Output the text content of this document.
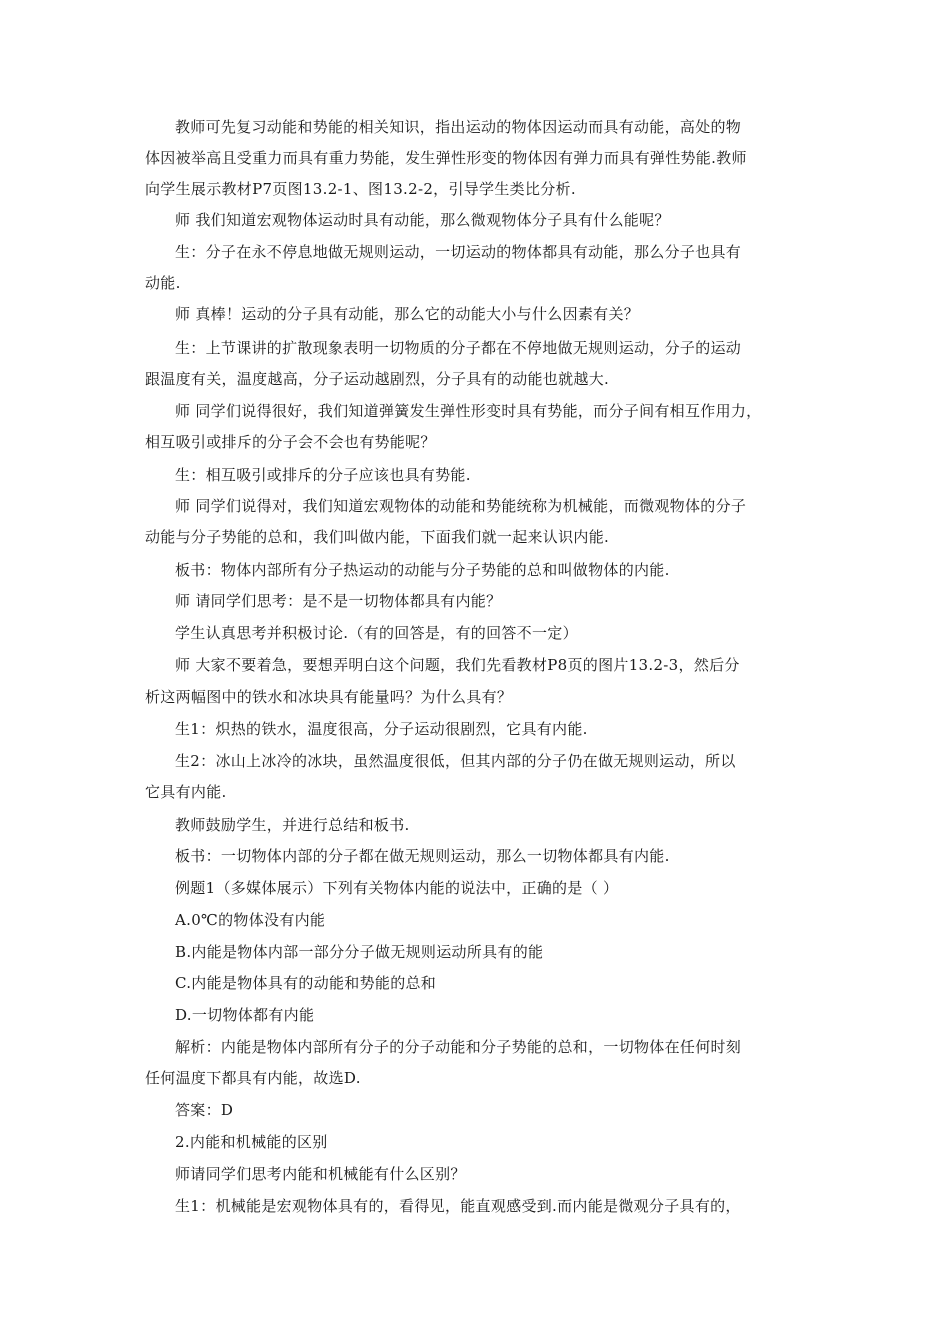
教师可先复习动能和势能的相关知识，指出运动的物体因运动而具有动能，高处的物
体因被举高且受重力而具有重力势能，发生弹性形变的物体因有弹力而具有弹性势能.教师
向学生展示教材P7页图13.2-1、图13.2-2，引导学生类比分析.
师 我们知道宏观物体运动时具有动能，那么微观物体分子具有什么能呢？
生：分子在永不停息地做无规则运动，一切运动的物体都具有动能，那么分子也具有
动能.
师 真棒！运动的分子具有动能，那么它的动能大小与什么因素有关？
生：上节课讲的扩散现象表明一切物质的分子都在不停地做无规则运动，分子的运动
跟温度有关，温度越高，分子运动越剧烈，分子具有的动能也就越大.
师 同学们说得很好，我们知道弹簧发生弹性形变时具有势能，而分子间有相互作用力，
相互吸引或排斥的分子会不会也有势能呢？
生：相互吸引或排斥的分子应该也具有势能.
师 同学们说得对，我们知道宏观物体的动能和势能统称为机械能，而微观物体的分子
动能与分子势能的总和，我们叫做内能，下面我们就一起来认识内能.
板书：物体内部所有分子热运动的动能与分子势能的总和叫做物体的内能.
师 请同学们思考：是不是一切物体都具有内能？
学生认真思考并积极讨论.（有的回答是，有的回答不一定）
师 大家不要着急，要想弄明白这个问题，我们先看教材P8页的图片13.2-3，然后分
析这两幅图中的铁水和冰块具有能量吗？为什么具有？
生1：炽热的铁水，温度很高，分子运动很剧烈，它具有内能.
生2：冰山上冰冷的冰块，虽然温度很低，但其内部的分子仍在做无规则运动，所以
它具有内能.
教师鼓励学生，并进行总结和板书.
板书：一切物体内部的分子都在做无规则运动，那么一切物体都具有内能.
例题1（多媒体展示）下列有关物体内能的说法中，正确的是（ ）
A.0℃的物体没有内能
B.内能是物体内部一部分分子做无规则运动所具有的能
C.内能是物体具有的动能和势能的总和
D.一切物体都有内能
解析：内能是物体内部所有分子的分子动能和分子势能的总和，一切物体在任何时刻
任何温度下都具有内能，故选D.
答案：D
2.内能和机械能的区别
师请同学们思考内能和机械能有什么区别？
生1：机械能是宏观物体具有的，看得见，能直观感受到.而内能是微观分子具有的，
